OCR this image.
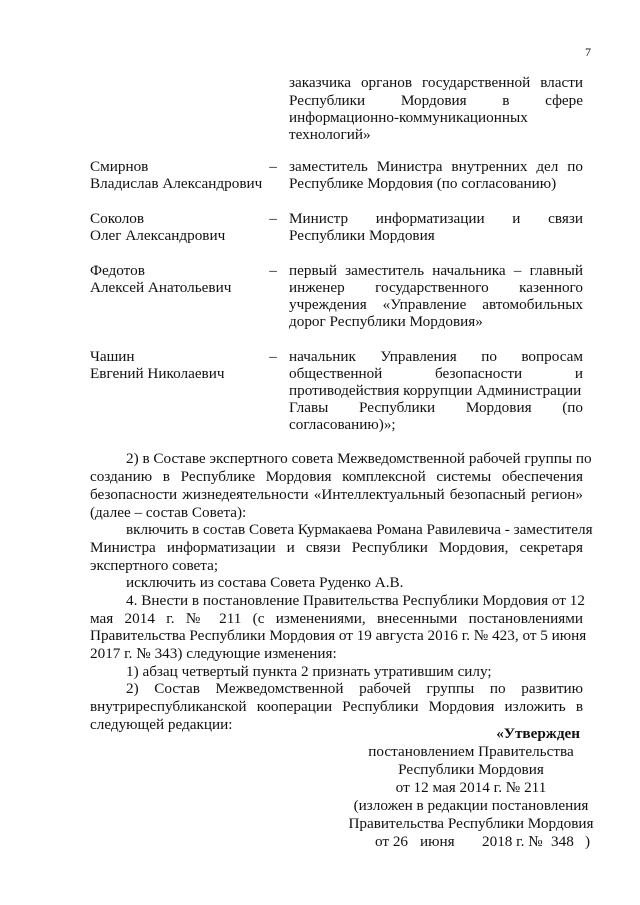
7
заказчика органов государственной власти
Республики Мордовия в сфере
информационно-коммуникационных
технологий»
Смирнов
Владислав Александрович
– заместитель Министра внутренних дел по
Республике Мордовия (по согласованию)
Соколов
Олег Александрович
– Министр информатизации и связи
Республики Мордовия
Федотов
Алексей Анатольевич
– первый заместитель начальника – главный
инженер государственного казенного
учреждения «Управление автомобильных
дорог Республики Мордовия»
Чашин
Евгений Николаевич
– начальник Управления по вопросам
общественной безопасности и
противодействия коррупции Администрации
Главы Республики Мордовия (по
согласованию)»;
2) в Составе экспертного совета Межведомственной рабочей группы по
созданию в Республике Мордовия комплексной системы обеспечения
безопасности жизнедеятельности «Интеллектуальный безопасный регион»
(далее – состав Совета):
включить в состав Совета Курмакаева Романа Равилевича - заместителя
Министра информатизации и связи Республики Мордовия, секретаря
экспертного совета;
исключить из состава Совета Руденко А.В.
4. Внести в постановление Правительства Республики Мордовия от 12
мая 2014 г. № 211 (с изменениями, внесенными постановлениями
Правительства Республики Мордовия от 19 августа 2016 г. № 423, от 5 июня
2017 г. № 343) следующие изменения:
1) абзац четвертый пункта 2 признать утратившим силу;
2) Состав Межведомственной рабочей группы по развитию
внутриреспубликанской кооперации Республики Мордовия изложить в
следующей редакции:
«Утвержден
постановлением Правительства
Республики Мордовия
от 12 мая 2014 г. № 211
(изложен в редакции постановления
Правительства Республики Мордовия
от 26 июня 2018 г. № 348 )
